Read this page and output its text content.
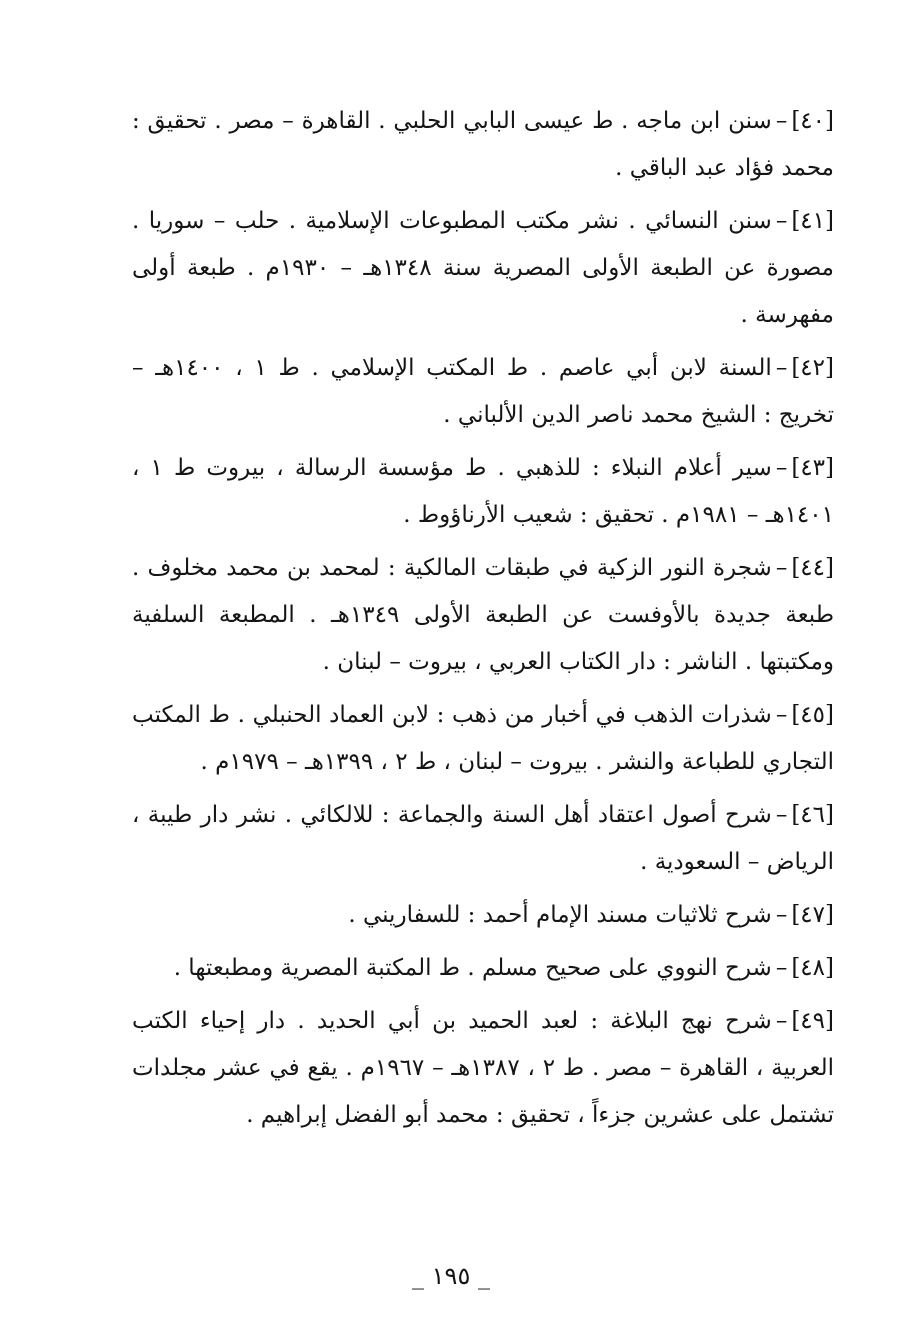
[٤٠]–سنن ابن ماجه . ط عيسى البابي الحلبي . القاهرة – مصر . تحقيق : محمد فؤاد عبد الباقي .

[٤١]–سنن النسائي . نشر مكتب المطبوعات الإسلامية . حلب – سوريا . مصورة عن الطبعة الأولى المصرية سنة ١٣٤٨هـ – ١٩٣٠م . طبعة أولى مفهرسة .

[٤٢]–السنة لابن أبي عاصم . ط المكتب الإسلامي . ط ١ ، ١٤٠٠هـ – تخريج : الشيخ محمد ناصر الدين الألباني .

[٤٣]–سير أعلام النبلاء : للذهبي . ط مؤسسة الرسالة ، بيروت ط ١ ، ١٤٠١هـ – ١٩٨١م . تحقيق : شعيب الأرناؤوط .

[٤٤]–شجرة النور الزكية في طبقات المالكية : لمحمد بن محمد مخلوف . طبعة جديدة بالأوفست عن الطبعة الأولى ١٣٤٩هـ . المطبعة السلفية ومكتبتها . الناشر : دار الكتاب العربي ، بيروت – لبنان .

[٤٥]–شذرات الذهب في أخبار من ذهب : لابن العماد الحنبلي . ط المكتب التجاري للطباعة والنشر . بيروت – لبنان ، ط ٢ ، ١٣٩٩هـ – ١٩٧٩م .

[٤٦]–شرح أصول اعتقاد أهل السنة والجماعة : للالكائي . نشر دار طيبة ، الرياض – السعودية .

[٤٧]–شرح ثلاثيات مسند الإمام أحمد : للسفاريني .

[٤٨]–شرح النووي على صحيح مسلم . ط المكتبة المصرية ومطبعتها .

[٤٩]–شرح نهج البلاغة : لعبد الحميد بن أبي الحديد . دار إحياء الكتب العربية ، القاهرة – مصر . ط ٢ ، ١٣٨٧هـ – ١٩٦٧م . يقع في عشر مجلدات تشتمل على عشرين جزءاً ، تحقيق : محمد أبو الفضل إبراهيم .

_ ١٩٥ _
